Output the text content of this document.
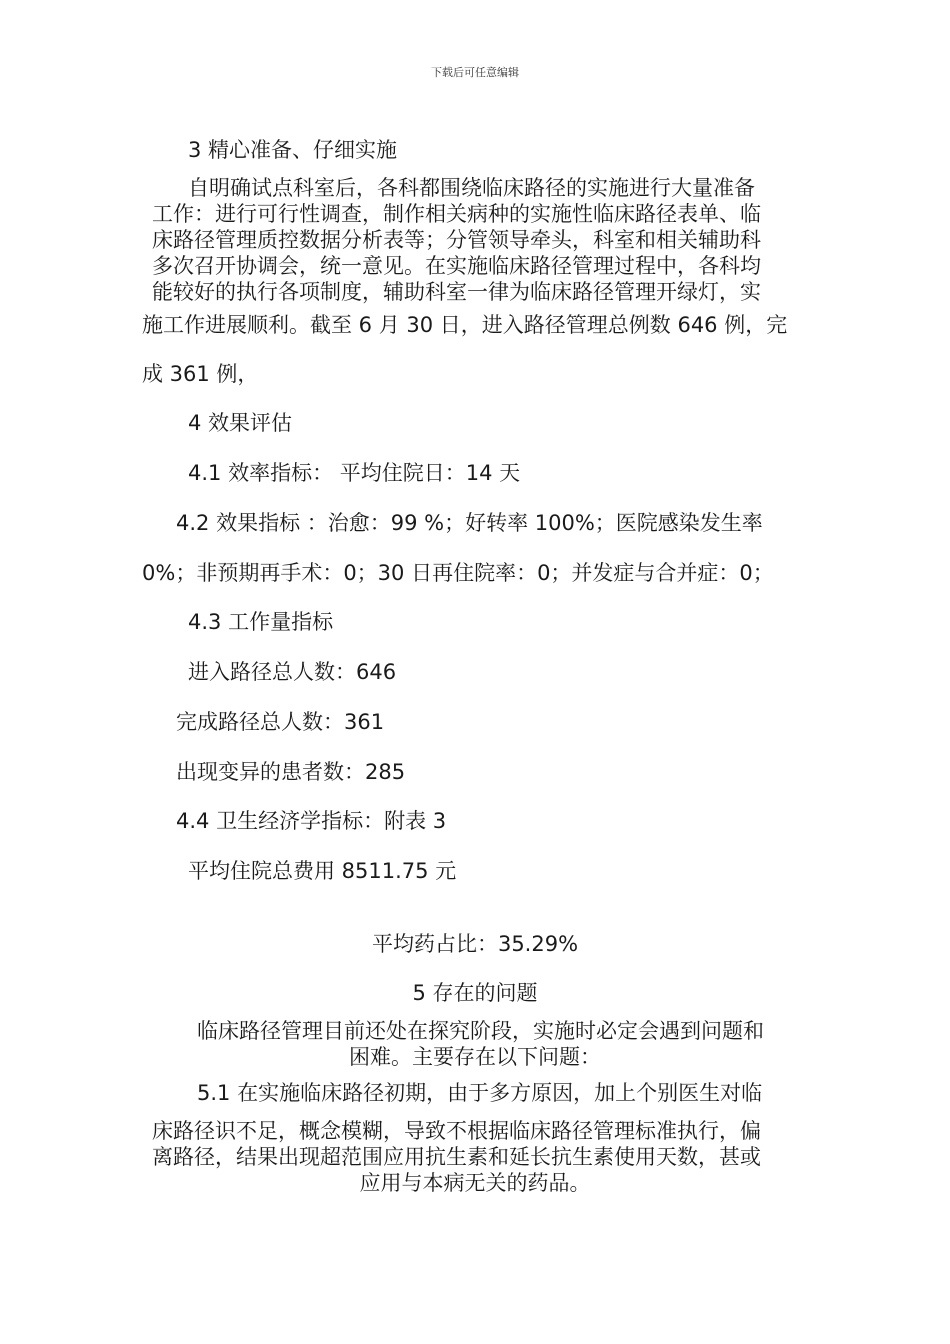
下载后可任意编辑
3 精心准备、仔细实施
自明确试点科室后，各科都围绕临床路径的实施进行大量准备
工作：进行可行性调查，制作相关病种的实施性临床路径表单、临
床路径管理质控数据分析表等；分管领导牵头，科室和相关辅助科
多次召开协调会，统一意见。在实施临床路径管理过程中，各科均
能较好的执行各项制度，辅助科室一律为临床路径管理开绿灯，实
施工作进展顺利。截至 6 月 30 日，进入路径管理总例数 646 例，完
成 361 例，
4 效果评估
4.1 效率指标： 平均住院日：14 天
4.2 效果指标 ：治愈：99 %；好转率 100%；医院感染发生率
0%；非预期再手术：0；30 日再住院率：0；并发症与合并症：0；
4.3 工作量指标
进入路径总人数：646
完成路径总人数：361
出现变异的患者数：285
4.4 卫生经济学指标：附表 3
平均住院总费用 8511.75 元
平均药占比：35.29%
5 存在的问题
临床路径管理目前还处在探究阶段，实施时必定会遇到问题和
困难。主要存在以下问题：
5.1 在实施临床路径初期，由于多方原因，加上个别医生对临
床路径识不足，概念模糊，导致不根据临床路径管理标准执行，偏
离路径，结果出现超范围应用抗生素和延长抗生素使用天数，甚或
应用与本病无关的药品。
